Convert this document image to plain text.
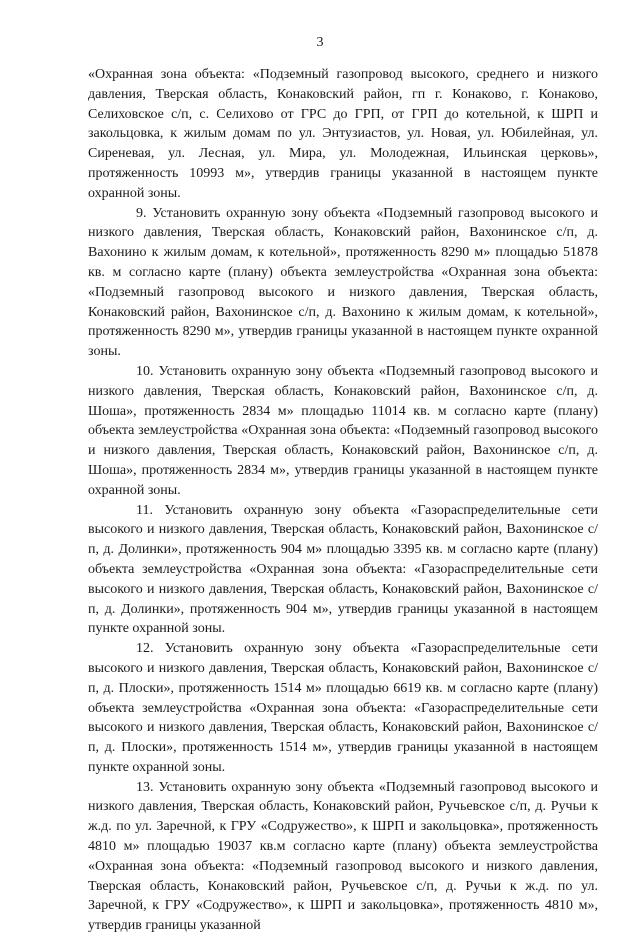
3

«Охранная зона объекта: «Подземный газопровод высокого, среднего и низкого давления, Тверская область, Конаковский район, гп г. Конаково, г. Конаково, Селиховское с/п, с. Селихово от ГРС до ГРП, от ГРП до котельной, к ШРП и закольцовка, к жилым домам по ул. Энтузиастов, ул. Новая, ул. Юбилейная, ул. Сиреневая, ул. Лесная, ул. Мира, ул. Молодежная, Ильинская церковь», протяженность 10993 м», утвердив границы указанной в настоящем пункте охранной зоны.

9. Установить охранную зону объекта «Подземный газопровод высокого и низкого давления, Тверская область, Конаковский район, Вахонинское с/п, д. Вахонино к жилым домам, к котельной», протяженность 8290 м» площадью 51878 кв. м согласно карте (плану) объекта землеустройства «Охранная зона объекта: «Подземный газопровод высокого и низкого давления, Тверская область, Конаковский район, Вахонинское с/п, д. Вахонино к жилым домам, к котельной», протяженность 8290 м», утвердив границы указанной в настоящем пункте охранной зоны.

10. Установить охранную зону объекта «Подземный газопровод высокого и низкого давления, Тверская область, Конаковский район, Вахонинское с/п, д. Шоша», протяженность 2834 м» площадью 11014 кв. м согласно карте (плану) объекта землеустройства «Охранная зона объекта: «Подземный газопровод высокого и низкого давления, Тверская область, Конаковский район, Вахонинское с/п, д. Шоша», протяженность 2834 м», утвердив границы указанной в настоящем пункте охранной зоны.

11. Установить охранную зону объекта «Газораспределительные сети высокого и низкого давления, Тверская область, Конаковский район, Вахонинское с/п, д. Долинки», протяженность 904 м» площадью 3395 кв. м согласно карте (плану) объекта землеустройства «Охранная зона объекта: «Газораспределительные сети высокого и низкого давления, Тверская область, Конаковский район, Вахонинское с/п, д. Долинки», протяженность 904 м», утвердив границы указанной в настоящем пункте охранной зоны.

12. Установить охранную зону объекта «Газораспределительные сети высокого и низкого давления, Тверская область, Конаковский район, Вахонинское с/п, д. Плоски», протяженность 1514 м» площадью 6619 кв. м согласно карте (плану) объекта землеустройства «Охранная зона объекта: «Газораспределительные сети высокого и низкого давления, Тверская область, Конаковский район, Вахонинское с/п, д. Плоски», протяженность 1514 м», утвердив границы указанной в настоящем пункте охранной зоны.

13. Установить охранную зону объекта «Подземный газопровод высокого и низкого давления, Тверская область, Конаковский район, Ручьевское с/п, д. Ручьи к ж.д. по ул. Заречной, к ГРУ «Содружество», к ШРП и закольцовка», протяженность 4810 м» площадью 19037 кв.м согласно карте (плану) объекта землеустройства «Охранная зона объекта: «Подземный газопровод высокого и низкого давления, Тверская область, Конаковский район, Ручьевское с/п, д. Ручьи к ж.д. по ул. Заречной, к ГРУ «Содружество», к ШРП и закольцовка», протяженность 4810 м», утвердив границы указанной
